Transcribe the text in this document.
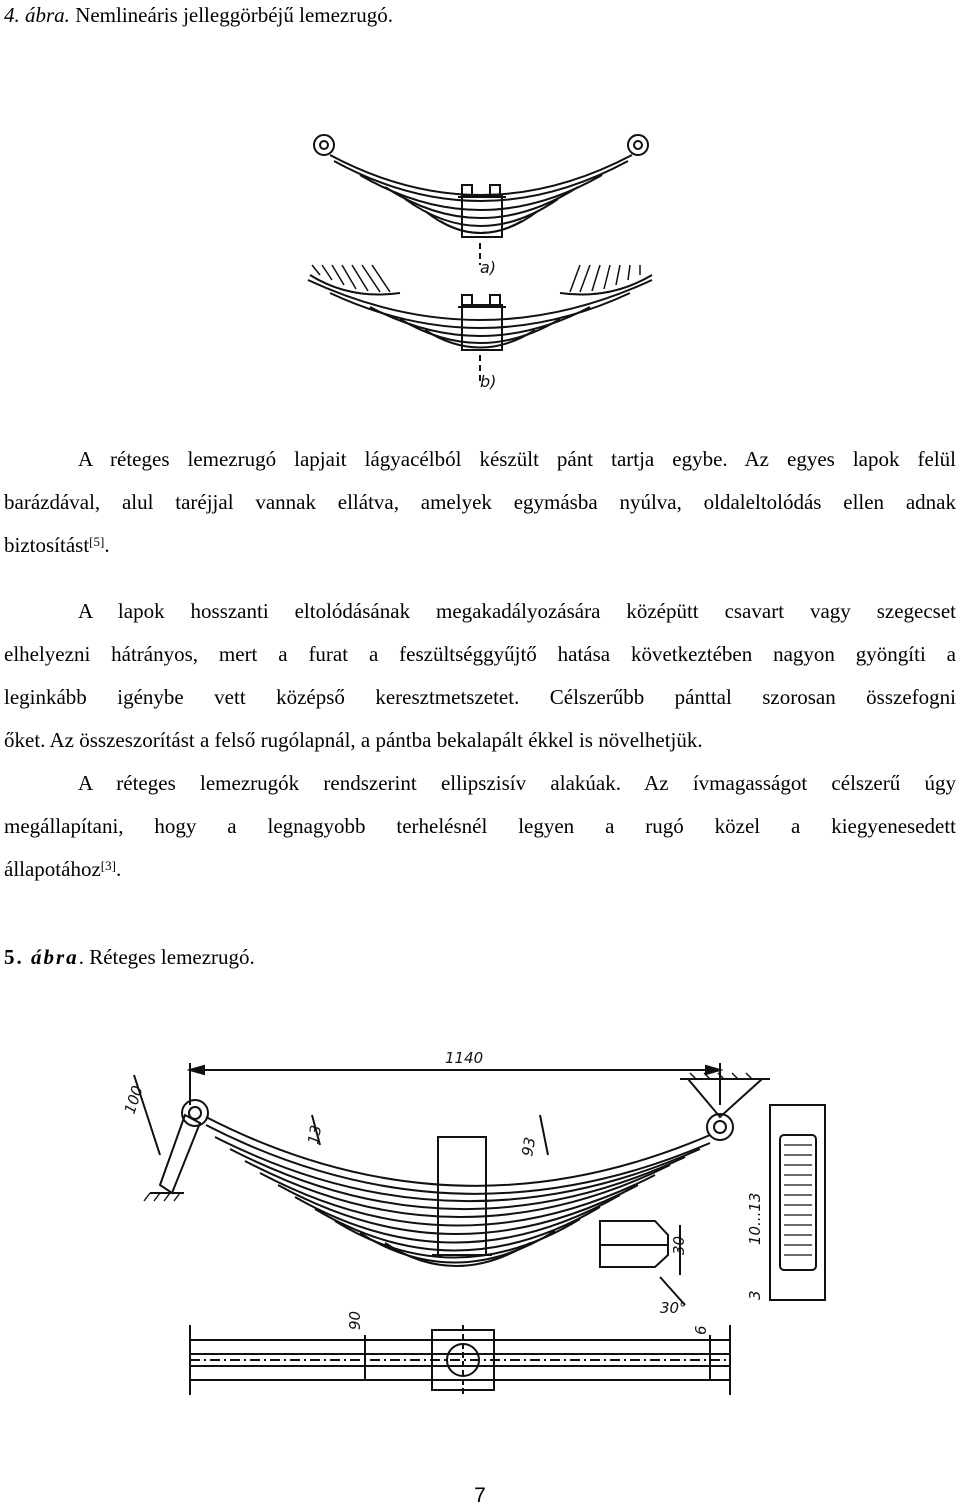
4. ábra. Nemlineáris jelleggörbéjű lemezrugó.
a)
b)
A réteges lemezrugó lapjait lágyacélból készült pánt tartja egybe. Az egyes lapok felül
barázdával, alul taréjjal vannak ellátva, amelyek egymásba nyúlva, oldaleltolódás ellen adnak
biztosítást[5].
A lapok hosszanti eltolódásának megakadályozására középütt csavart vagy szegecset
elhelyezni hátrányos, mert a furat a feszültséggyűjtő hatása következtében nagyon gyöngíti a
leginkább igénybe vett középső keresztmetszetet. Célszerűbb pánttal szorosan összefogni
őket. Az összeszorítást a felső rugólapnál, a pántba bekalapált ékkel is növelhetjük.
A réteges lemezrugók rendszerint ellipszisív alakúak. Az ívmagasságot célszerű úgy
megállapítani, hogy a legnagyobb terhelésnél legyen a rugó közel a kiegyenesedett
állapotához[3].
5. ábra. Réteges lemezrugó.
1140
100
13
93
10...13
3
30
30°
90
6
7
